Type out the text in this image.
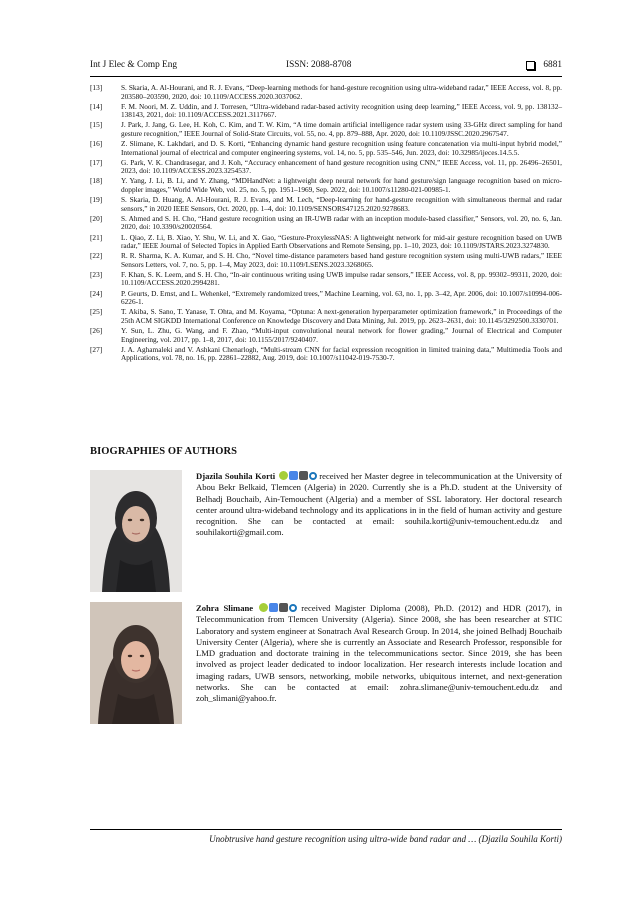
Int J Elec & Comp Eng	ISSN: 2088-8708	6881
[13]	S. Skaria, A. Al-Hourani, and R. J. Evans, “Deep-learning methods for hand-gesture recognition using ultra-wideband radar,” IEEE Access, vol. 8, pp. 203580–203590, 2020, doi: 10.1109/ACCESS.2020.3037062.
[14]	F. M. Noori, M. Z. Uddin, and J. Torresen, “Ultra-wideband radar-based activity recognition using deep learning,” IEEE Access, vol. 9, pp. 138132–138143, 2021, doi: 10.1109/ACCESS.2021.3117667.
[15]	J. Park, J. Jang, G. Lee, H. Koh, C. Kim, and T. W. Kim, “A time domain artificial intelligence radar system using 33-GHz direct sampling for hand gesture recognition,” IEEE Journal of Solid-State Circuits, vol. 55, no. 4, pp. 879–888, Apr. 2020, doi: 10.1109/JSSC.2020.2967547.
[16]	Z. Slimane, K. Lakhdari, and D. S. Korti, “Enhancing dynamic hand gesture recognition using feature concatenation via multi-input hybrid model,” International journal of electrical and computer engineering systems, vol. 14, no. 5, pp. 535–546, Jun. 2023, doi: 10.32985/ijeces.14.5.5.
[17]	G. Park, V. K. Chandrasegar, and J. Koh, “Accuracy enhancement of hand gesture recognition using CNN,” IEEE Access, vol. 11, pp. 26496–26501, 2023, doi: 10.1109/ACCESS.2023.3254537.
[18]	Y. Yang, J. Li, B. Li, and Y. Zhang, “MDHandNet: a lightweight deep neural network for hand gesture/sign language recognition based on micro-doppler images,” World Wide Web, vol. 25, no. 5, pp. 1951–1969, Sep. 2022, doi: 10.1007/s11280-021-00985-1.
[19]	S. Skaria, D. Huang, A. Al-Hourani, R. J. Evans, and M. Lech, “Deep-learning for hand-gesture recognition with simultaneous thermal and radar sensors,” in 2020 IEEE Sensors, Oct. 2020, pp. 1–4, doi: 10.1109/SENSORS47125.2020.9278683.
[20]	S. Ahmed and S. H. Cho, “Hand gesture recognition using an IR-UWB radar with an inception module-based classifier,” Sensors, vol. 20, no. 6, Jan. 2020, doi: 10.3390/s20020564.
[21]	L. Qiao, Z. Li, B. Xiao, Y. Shu, W. Li, and X. Gao, “Gesture-ProxylessNAS: A lightweight network for mid-air gesture recognition based on UWB radar,” IEEE Journal of Selected Topics in Applied Earth Observations and Remote Sensing, pp. 1–10, 2023, doi: 10.1109/JSTARS.2023.3274830.
[22]	R. R. Sharma, K. A. Kumar, and S. H. Cho, “Novel time-distance parameters based hand gesture recognition system using multi-UWB radars,” IEEE Sensors Letters, vol. 7, no. 5, pp. 1–4, May 2023, doi: 10.1109/LSENS.2023.3268065.
[23]	F. Khan, S. K. Leem, and S. H. Cho, “In-air continuous writing using UWB impulse radar sensors,” IEEE Access, vol. 8, pp. 99302–99311, 2020, doi: 10.1109/ACCESS.2020.2994281.
[24]	P. Geurts, D. Ernst, and L. Wehenkel, “Extremely randomized trees,” Machine Learning, vol. 63, no. 1, pp. 3–42, Apr. 2006, doi: 10.1007/s10994-006-6226-1.
[25]	T. Akiba, S. Sano, T. Yanase, T. Ohta, and M. Koyama, “Optuna: A next-generation hyperparameter optimization framework,” in Proceedings of the 25th ACM SIGKDD International Conference on Knowledge Discovery and Data Mining, Jul. 2019, pp. 2623–2631, doi: 10.1145/3292500.3330701.
[26]	Y. Sun, L. Zhu, G. Wang, and F. Zhao, “Multi-input convolutional neural network for flower grading,” Journal of Electrical and Computer Engineering, vol. 2017, pp. 1–8, 2017, doi: 10.1155/2017/9240407.
[27]	J. A. Aghamaleki and V. Ashkani Chenarlogh, “Multi-stream CNN for facial expression recognition in limited training data,” Multimedia Tools and Applications, vol. 78, no. 16, pp. 22861–22882, Aug. 2019, doi: 10.1007/s11042-019-7530-7.
BIOGRAPHIES OF AUTHORS
Djazila Souhila Korti	received her Master degree in telecommunication at the University of Abou Bekr Belkaid, Tlemcen (Algeria) in 2020. Currently she is a Ph.D. student at the University of Belhadj Bouchaib, Ain-Temouchent (Algeria) and a member of SSL laboratory. Her doctoral research center around ultra-wideband technology and its applications in in the field of human activity and gesture recognition. She can be contacted at email: souhila.korti@univ-temouchent.edu.dz and souhilakorti@gmail.com.
Zohra Slimane	received Magister Diploma (2008), Ph.D. (2012) and HDR (2017), in Telecommunication from Tlemcen University (Algeria). Since 2008, she has been researcher at STIC Laboratory and system engineer at Sonatrach Aval Research Group. In 2014, she joined Belhadj Bouchaib University Center (Algeria), where she is currently an Associate and Research Professor, responsible for LMD graduation and doctorate training in the telecommunications sector. Since 2019, she has been involved as project leader dedicated to indoor localization. Her research interests include location and imaging radars, UWB sensors, networking, mobile networks, ubiquitous internet, and next-generation networks. She can be contacted at email: zohra.slimane@univ-temouchent.edu.dz and zoh_slimani@yahoo.fr.
Unobtrusive hand gesture recognition using ultra-wide band radar and … (Djazila Souhila Korti)
